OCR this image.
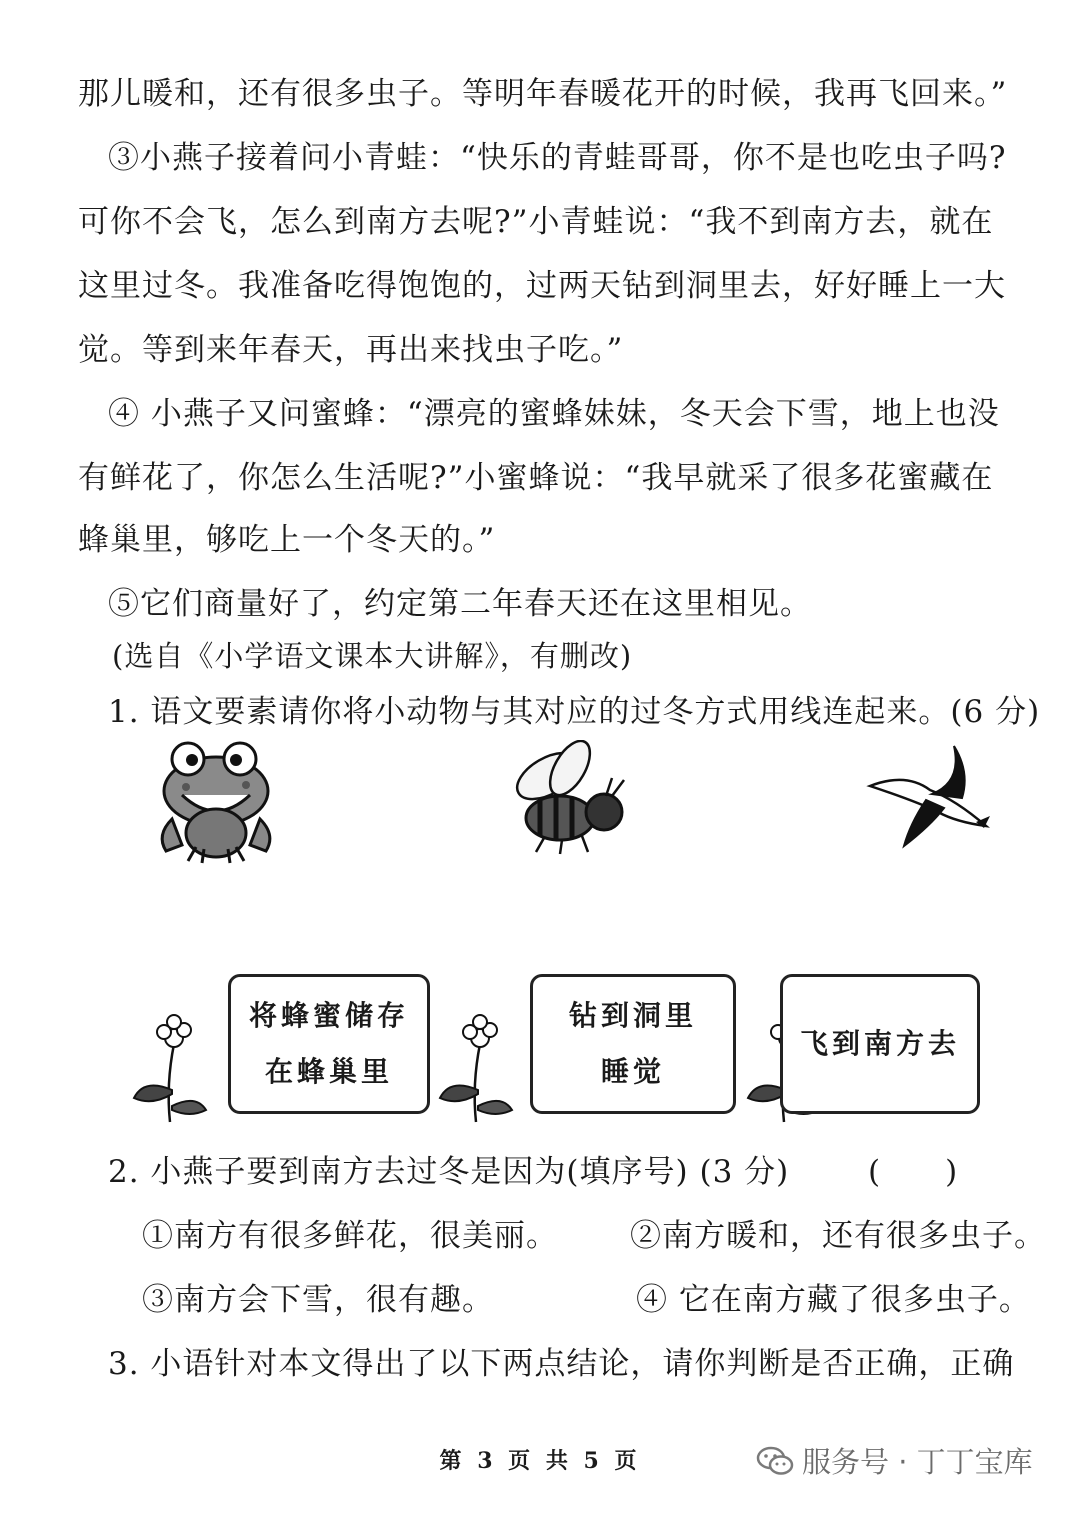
那儿暖和，还有很多虫子。等明年春暖花开的时候，我再飞回来。”
③小燕子接着问小青蛙：“快乐的青蛙哥哥，你不是也吃虫子吗?
可你不会飞，怎么到南方去呢?”小青蛙说：“我不到南方去，就在
这里过冬。我准备吃得饱饱的，过两天钻到洞里去，好好睡上一大
觉。等到来年春天，再出来找虫子吃。”
④ 小燕子又问蜜蜂：“漂亮的蜜蜂妹妹，冬天会下雪，地上也没
有鲜花了，你怎么生活呢?”小蜜蜂说：“我早就采了很多花蜜藏在
蜂巢里，够吃上一个冬天的。”
⑤它们商量好了，约定第二年春天还在这里相见。
(选自《小学语文课本大讲解》，有删改)
1. 语文要素请你将小动物与其对应的过冬方式用线连起来。(6 分)
将蜂蜜储存
在蜂巢里
钻到洞里
睡觉
飞到南方去
2. 小燕子要到南方去过冬是因为(填序号) (3 分)	(　　)
①南方有很多鲜花，很美丽。 ②南方暖和，还有很多虫子。
③南方会下雪，很有趣。	④ 它在南方藏了很多虫子。
3. 小语针对本文得出了以下两点结论，请你判断是否正确，正确
第 3 页 共 5 页	服务号 · 丁丁宝库
